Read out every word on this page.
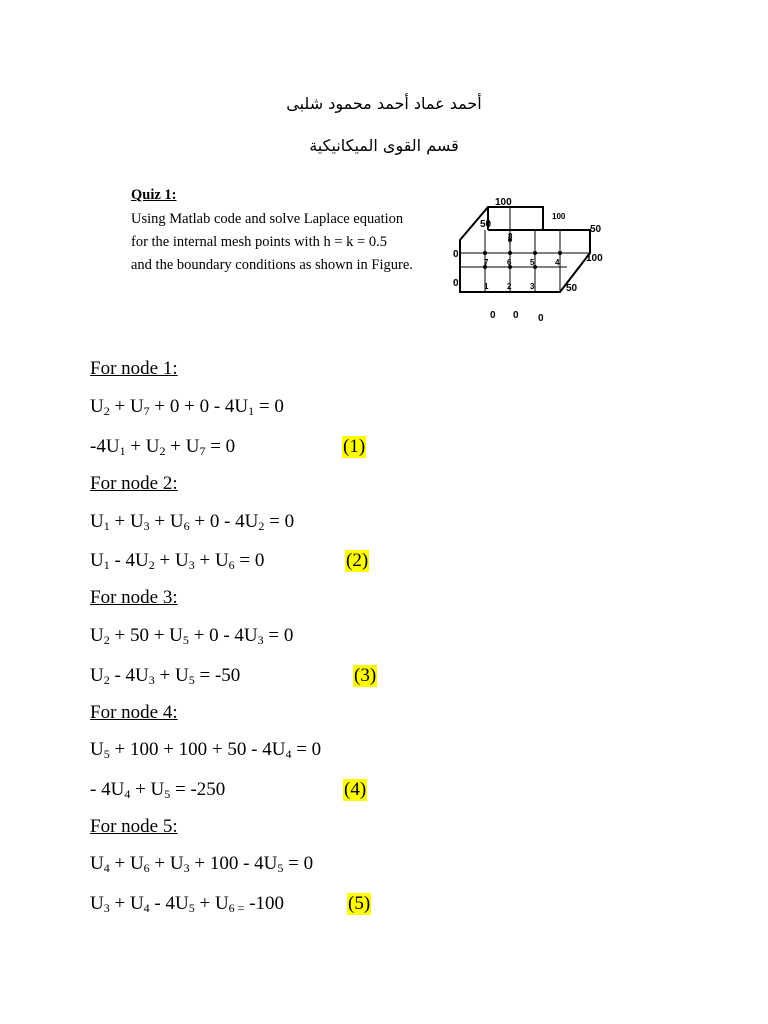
أحمد عماد أحمد محمود شلبى
قسم القوى الميكانيكية
Quiz 1:
Using Matlab code and solve Laplace equation
for the internal mesh points with h = k = 0.5
and the boundary conditions as shown in Figure.
100
50
100
50
100
50
0
0
0 0 0
1 2 3
4
5
6
7
8
For node 1:
$U_2 + U_7 + 0 + 0 - 4U_1 = 0$
$-4U_1 + U_2 + U_7 = 0$	(1)
For node 2:
$U_1 + U_3 + U_6 + 0 - 4U_2 = 0$
$U_1 - 4U_2 + U_3 + U_6 = 0$	(2)
For node 3:
$U_2 + 50 + U_5 + 0 - 4U_3 = 0$
$U_2 - 4U_3 + U_5 = -50$	(3)
For node 4:
$U_5 + 100 + 100 + 50 - 4U_4 = 0$
- $4U_4 + U_5 = -250$	(4)
For node 5:
$U_4 + U_6 + U_3 + 100 - 4U_5 = 0$
$U_3 + U_4 - 4U_5 + U_{6 =}$ -100	(5)
